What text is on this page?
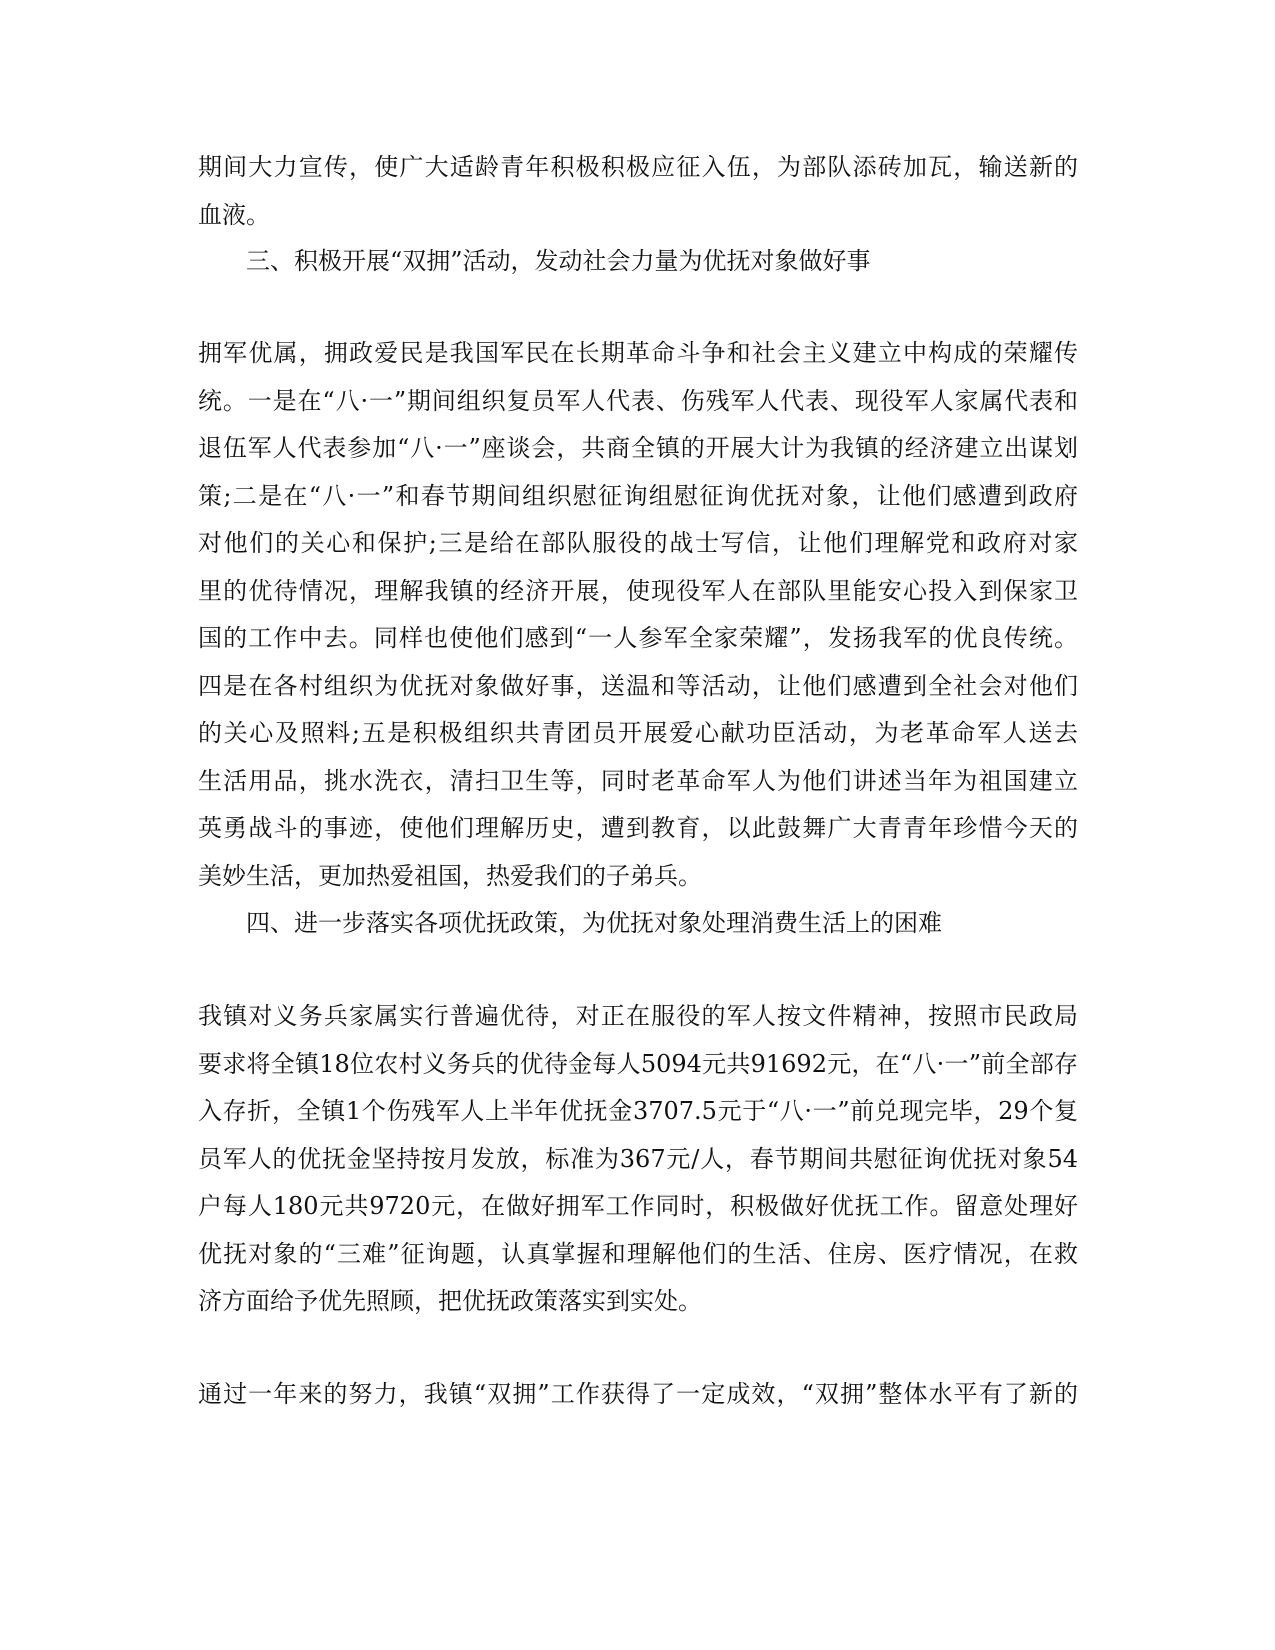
期间大力宣传，使广大适龄青年积极积极应征入伍，为部队添砖加瓦，输送新的
血液。

三、积极开展“双拥”活动，发动社会力量为优抚对象做好事

拥军优属，拥政爱民是我国军民在长期革命斗争和社会主义建立中构成的荣耀传
统。一是在“八·一”期间组织复员军人代表、伤残军人代表、现役军人家属代表和
退伍军人代表参加“八·一”座谈会，共商全镇的开展大计为我镇的经济建立出谋划
策;二是在“八·一”和春节期间组织慰征询组慰征询优抚对象，让他们感遭到政府
对他们的关心和保护;三是给在部队服役的战士写信，让他们理解党和政府对家
里的优待情况，理解我镇的经济开展，使现役军人在部队里能安心投入到保家卫
国的工作中去。同样也使他们感到“一人参军全家荣耀”，发扬我军的优良传统。
四是在各村组织为优抚对象做好事，送温和等活动，让他们感遭到全社会对他们
的关心及照料;五是积极组织共青团员开展爱心献功臣活动，为老革命军人送去
生活用品，挑水洗衣，清扫卫生等，同时老革命军人为他们讲述当年为祖国建立
英勇战斗的事迹，使他们理解历史，遭到教育，以此鼓舞广大青青年珍惜今天的
美妙生活，更加热爱祖国，热爱我们的子弟兵。

四、进一步落实各项优抚政策，为优抚对象处理消费生活上的困难

我镇对义务兵家属实行普遍优待，对正在服役的军人按文件精神，按照市民政局
要求将全镇18位农村义务兵的优待金每人5094元共91692元，在“八·一”前全部存
入存折，全镇1个伤残军人上半年优抚金3707.5元于“八·一”前兑现完毕，29个复
员军人的优抚金坚持按月发放，标准为367元/人，春节期间共慰征询优抚对象54
户每人180元共9720元，在做好拥军工作同时，积极做好优抚工作。留意处理好
优抚对象的“三难”征询题，认真掌握和理解他们的生活、住房、医疗情况，在救
济方面给予优先照顾，把优抚政策落实到实处。
通过一年来的努力，我镇“双拥”工作获得了一定成效，“双拥”整体水平有了新的
